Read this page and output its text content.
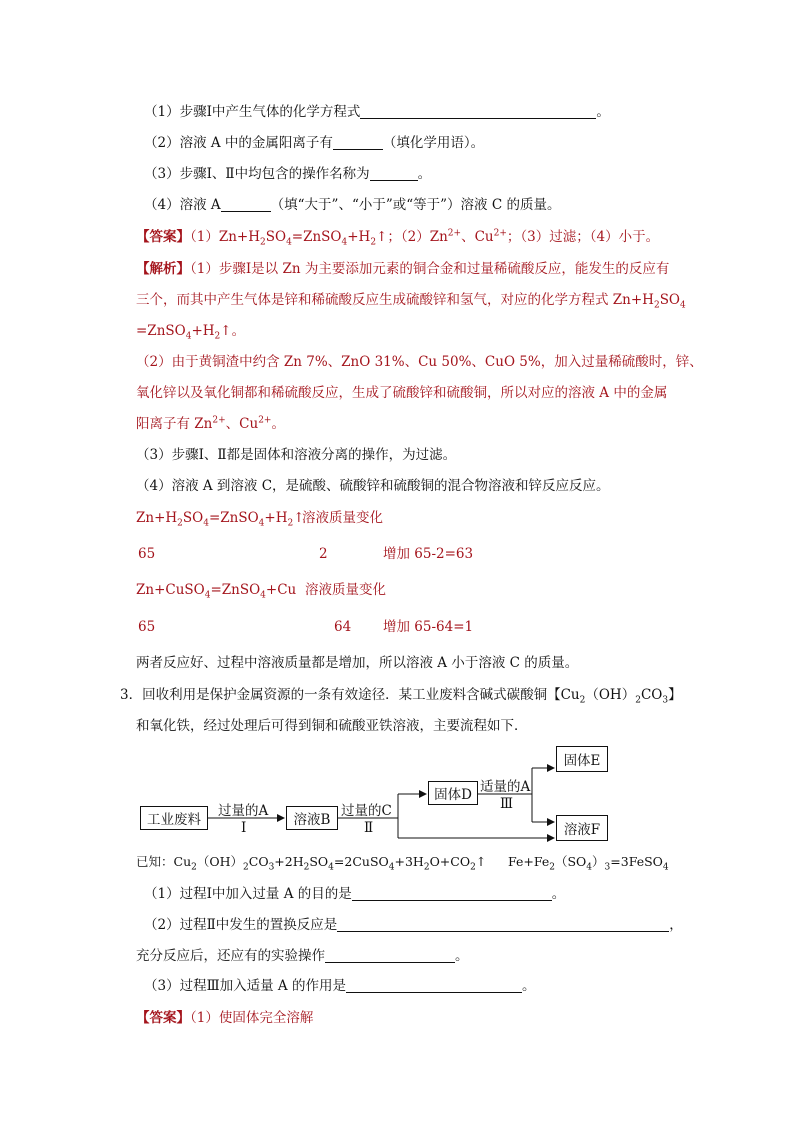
（1）步骤Ⅰ中产生气体的化学方程式	。
（2）溶液 A 中的金属阳离子有	（填化学用语）。
（3）步骤Ⅰ、Ⅱ中均包含的操作名称为	。
（4）溶液 A	（填“大于”、“小于”或“等于”）溶液 C 的质量。
【答案】$(1)Zn+H_2SO_4=ZnSO_4+H_2↑$；$(2)Zn^{2+}$、$Cu^{2+}$；（3）过滤；（4）小于。
【解析】（1）步骤Ⅰ是以 Zn 为主要添加元素的铜合金和过量稀硫酸反应，能发生的反应有
三个，而其中产生气体是锌和稀硫酸反应生成硫酸锌和氢气，对应的化学方程式 $Zn+H_2SO_4$
$=ZnSO_4+H_2↑$。
（2）由于黄铜渣中约含 Zn 7%、ZnO 31%、Cu 50%、CuO 5%，加入过量稀硫酸时，锌、
氧化锌以及氧化铜都和稀硫酸反应，生成了硫酸锌和硫酸铜，所以对应的溶液 A 中的金属
阳离子有 $Zn^{2+}$、$Cu^{2+}$。
（3）步骤Ⅰ、Ⅱ都是固体和溶液分离的操作，为过滤。
（4）溶液 A 到溶液 C，是硫酸、硫酸锌和硫酸铜的混合物溶液和锌反应反应。
$Zn+H_2SO_4=ZnSO_4+H_2↑$
溶液质量变化
65	2	增加 65-2=63
Zn+CuSO$_4$=ZnSO$_4$+Cu 溶液质量变化
65	64 增加 65-64=1
两者反应好、过程中溶液质量都是增加，所以溶液 A 小于溶液 C 的质量。
3．回收利用是保护金属资源的一条有效途径．某工业废料含碱式碳酸铜【$Cu_2(OH)_2CO_3$】
和氧化铁，经过处理后可得到铜和硫酸亚铁溶液，主要流程如下．
工业废料
过量的A
Ⅰ	溶液B
过量的C
Ⅱ
固体D 适量的A
Ⅲ
固体E
溶液F
已知：$Cu_2(OH)_2CO_3+2H_2SO_4=2CuSO_4+3H_2O+CO_2↑$ $Fe+Fe_2(SO_4)_3=3FeSO_4$
（1）过程Ⅰ中加入过量 A 的目的是	。
（2）过程Ⅱ中发生的置换反应是	，
充分反应后，还应有的实验操作	。
（3）过程Ⅲ加入适量 A 的作用是	。
【答案】（1）使固体完全溶解
